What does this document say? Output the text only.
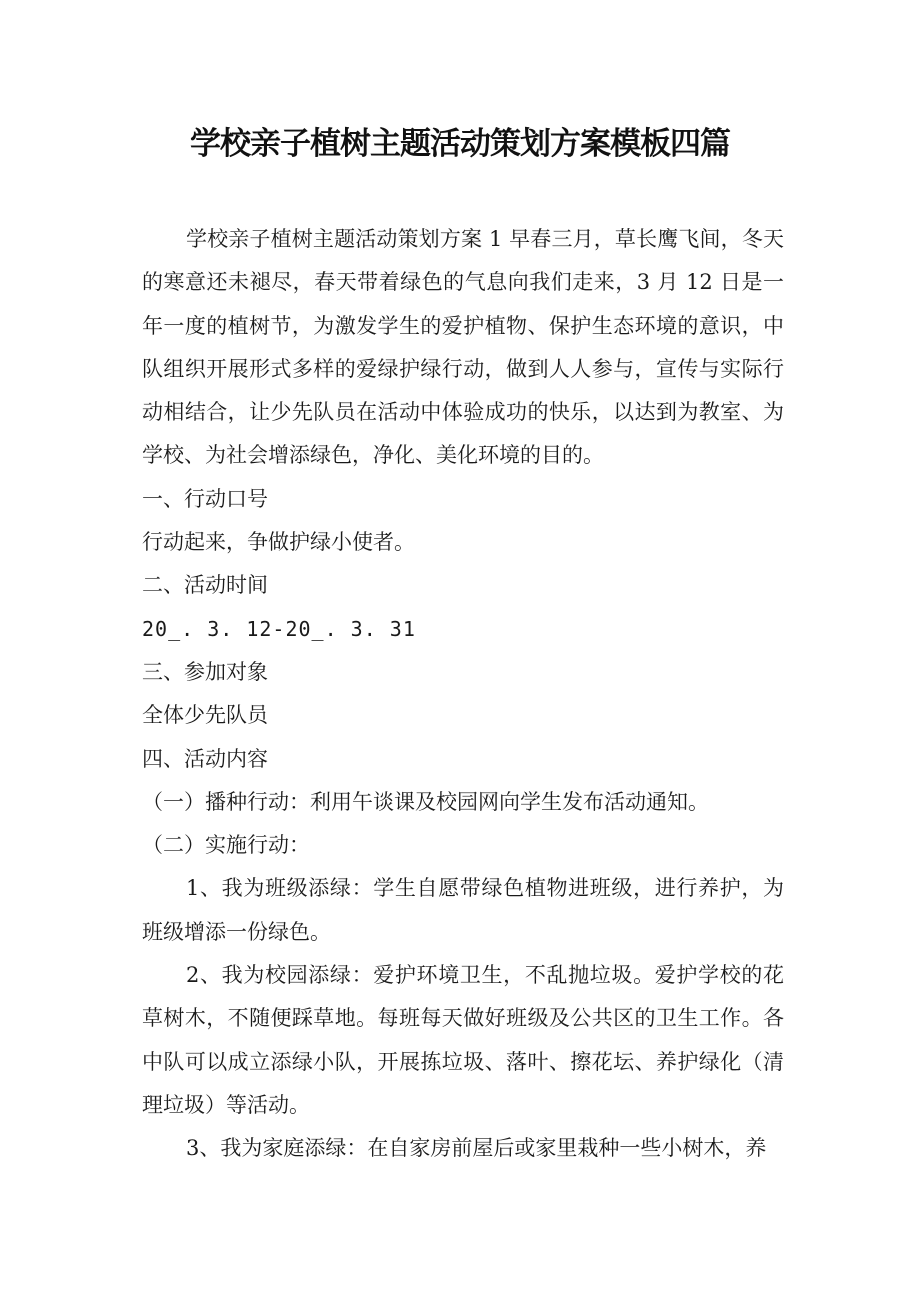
学校亲子植树主题活动策划方案模板四篇

学校亲子植树主题活动策划方案 1 早春三月，草长鹰飞间，冬天的寒意还未褪尽，春天带着绿色的气息向我们走来，3 月 12 日是一年一度的植树节，为激发学生的爱护植物、保护生态环境的意识，中队组织开展形式多样的爱绿护绿行动，做到人人参与，宣传与实际行动相结合，让少先队员在活动中体验成功的快乐，以达到为教室、为学校、为社会增添绿色，净化、美化环境的目的。

一、行动口号

行动起来，争做护绿小使者。

二、活动时间

20_. 3. 12-20_. 3. 31

三、参加对象

全体少先队员

四、活动内容

（一）播种行动：利用午谈课及校园网向学生发布活动通知。

（二）实施行动：

1、我为班级添绿：学生自愿带绿色植物进班级，进行养护，为班级增添一份绿色。

2、我为校园添绿：爱护环境卫生，不乱抛垃圾。爱护学校的花草树木，不随便踩草地。每班每天做好班级及公共区的卫生工作。各中队可以成立添绿小队，开展拣垃圾、落叶、擦花坛、养护绿化（清理垃圾）等活动。

3、我为家庭添绿：在自家房前屋后或家里栽种一些小树木，养
